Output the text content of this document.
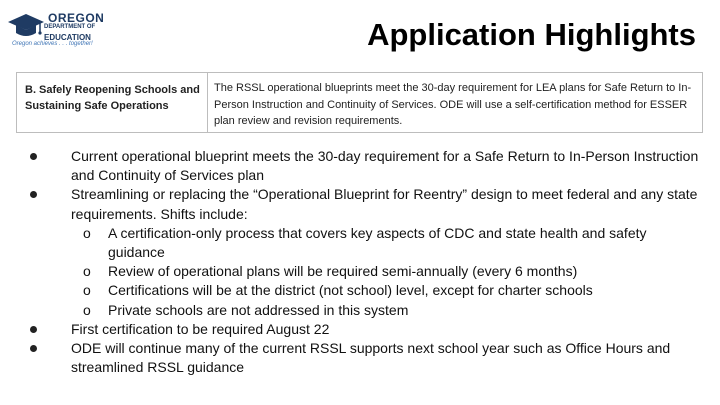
OREGON
DEPARTMENT OF
EDUCATION
Oregon achieves . . . together!	Application Highlights
B. Safely Reopening Schools and Sustaining Safe Operations
The RSSL operational blueprints meet the 30-day requirement for LEA plans for Safe Return to In-Person Instruction and Continuity of Services. ODE will use a self-certification method for ESSER plan review and revision requirements.
Current operational blueprint meets the 30-day requirement for a Safe Return to In-Person Instruction and Continuity of Services plan
Streamlining or replacing the “Operational Blueprint for Reentry” design to meet federal and any state requirements. Shifts include:
o A certification-only process that covers key aspects of CDC and state health and safety guidance
o Review of operational plans will be required semi-annually (every 6 months)
o Certifications will be at the district (not school) level, except for charter schools
o Private schools are not addressed in this system
First certification to be required August 22
ODE will continue many of the current RSSL supports next school year such as Office Hours and streamlined RSSL guidance
